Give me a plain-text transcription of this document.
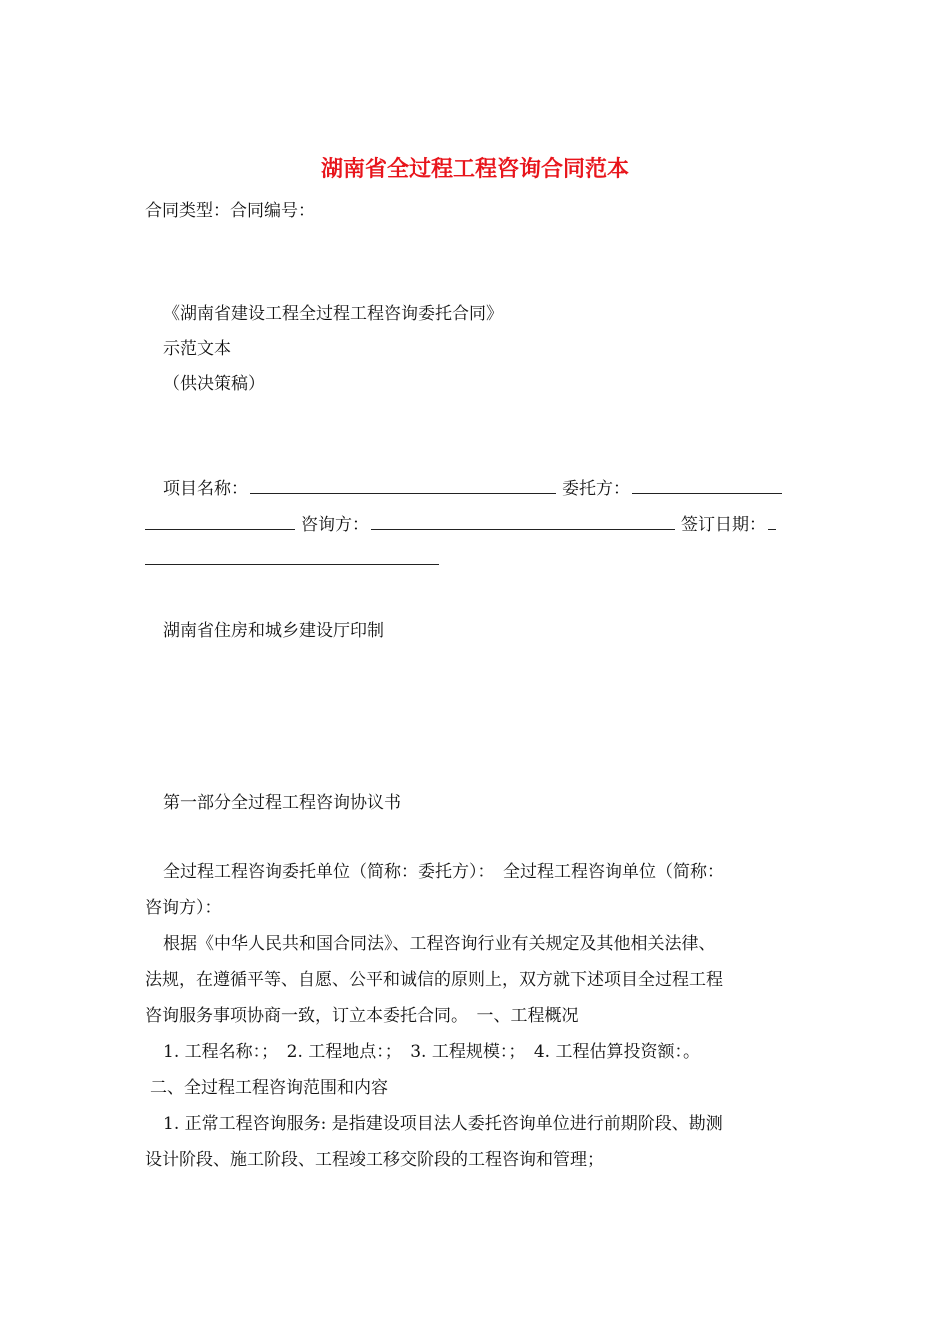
湖南省全过程工程咨询合同范本
合同类型：合同编号：
《湖南省建设工程全过程工程咨询委托合同》
示范文本
（供决策稿）
项目名称：	委托方：
咨询方：	签订日期：
湖南省住房和城乡建设厅印制
第一部分全过程工程咨询协议书
全过程工程咨询委托单位（简称：委托方）：　全过程工程咨询单位（简称：
咨询方）：
根据《中华人民共和国合同法》、工程咨询行业有关规定及其他相关法律、
法规，在遵循平等、自愿、公平和诚信的原则上，双方就下述项目全过程工程
咨询服务事项协商一致，订立本委托合同。　一、工程概况
1. 工程名称：；　2. 工程地点：；　3. 工程规模：；　4. 工程估算投资额：。
二、全过程工程咨询范围和内容
1. 正常工程咨询服务: 是指建设项目法人委托咨询单位进行前期阶段、勘测
设计阶段、施工阶段、工程竣工移交阶段的工程咨询和管理；
